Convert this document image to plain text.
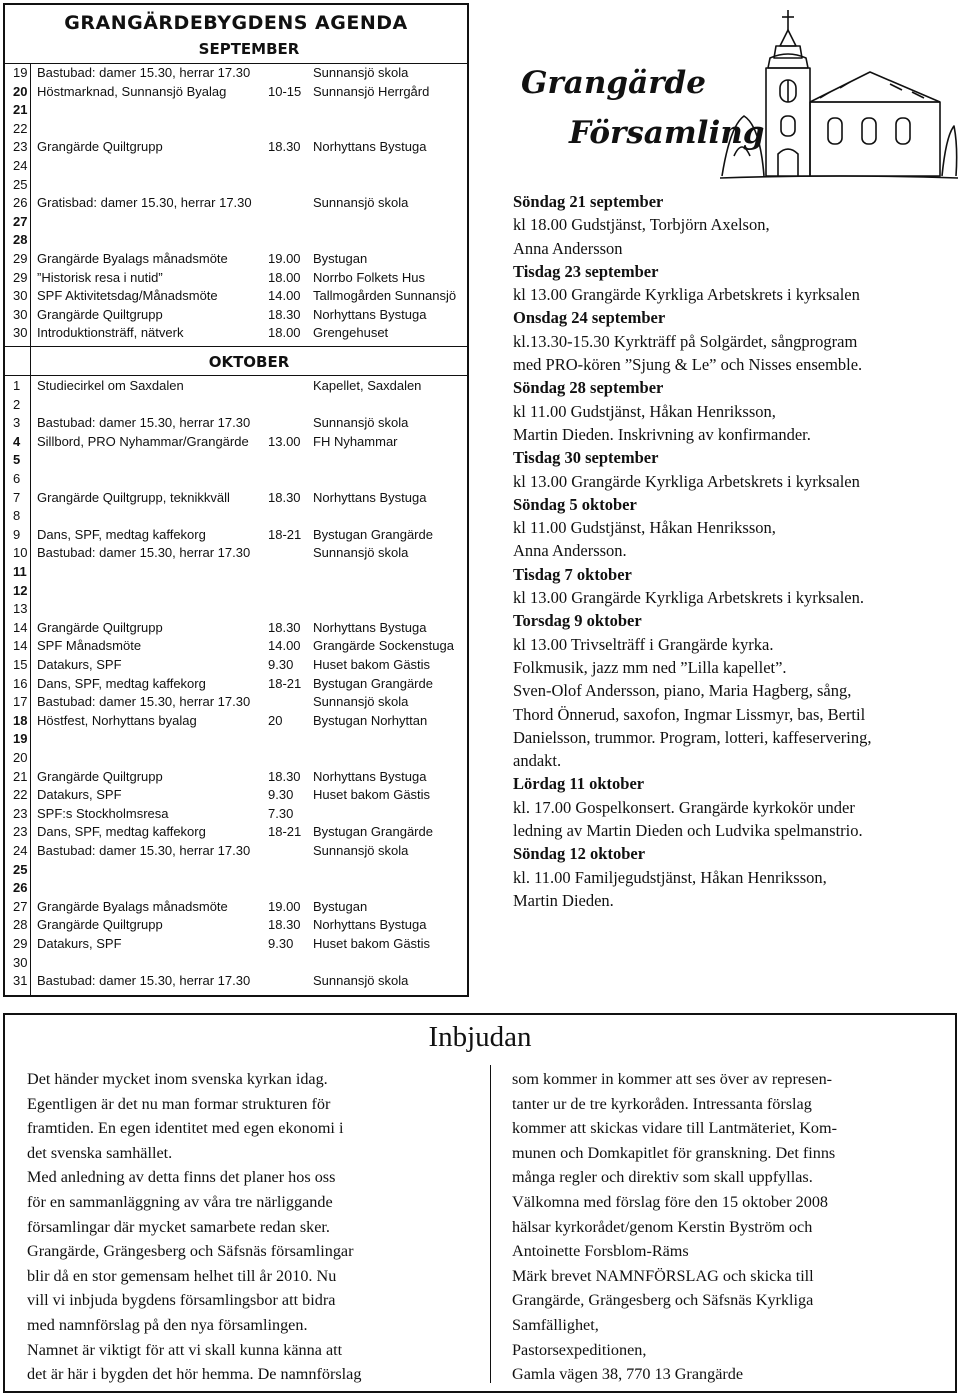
GRANGÄRDEBYGDENS AGENDA
SEPTEMBER
19 Bastubad: damer 15.30, herrar 17.30	Sunnansjö skola
20 Höstmarknad, Sunnansjö Byalag	10-15 Sunnansjö Herrgård
21
22
23 Grangärde Quiltgrupp	18.30 Norhyttans Bystuga
24
25
26 Gratisbad: damer 15.30, herrar 17.30	Sunnansjö skola
27
28
29 Grangärde Byalags månadsmöte	19.00 Bystugan
29 ”Historisk resa i nutid”	18.00 Norrbo Folkets Hus
30 SPF Aktivitetsdag/Månadsmöte	14.00 Tallmogården Sunnansjö
30 Grangärde Quiltgrupp	18.30 Norhyttans Bystuga
30 Introduktionsträff, nätverk	18.00 Grengehuset
OKTOBER
1 Studiecirkel om Saxdalen	Kapellet, Saxdalen
2
3 Bastubad: damer 15.30, herrar 17.30	Sunnansjö skola
4 Sillbord, PRO Nyhammar/Grangärde 13.00 FH Nyhammar
5
6
7 Grangärde Quiltgrupp, teknikkväll	18.30 Norhyttans Bystuga
8
9 Dans, SPF, medtag kaffekorg	18-21 Bystugan Grangärde
10 Bastubad: damer 15.30, herrar 17.30	Sunnansjö skola
11
12
13
14 Grangärde Quiltgrupp	18.30 Norhyttans Bystuga
14 SPF Månadsmöte	14.00 Grangärde Sockenstuga
15 Datakurs, SPF	9.30 Huset bakom Gästis
16 Dans, SPF, medtag kaffekorg	18-21 Bystugan Grangärde
17 Bastubad: damer 15.30, herrar 17.30	Sunnansjö skola
18 Höstfest, Norhyttans byalag	20 Bystugan Norhyttan
19
20
21 Grangärde Quiltgrupp	18.30 Norhyttans Bystuga
22 Datakurs, SPF	9.30 Huset bakom Gästis
23 SPF:s Stockholmsresa	7.30
23 Dans, SPF, medtag kaffekorg	18-21 Bystugan Grangärde
24 Bastubad: damer 15.30, herrar 17.30	Sunnansjö skola
25
26
27 Grangärde Byalags månadsmöte	19.00 Bystugan
28 Grangärde Quiltgrupp	18.30 Norhyttans Bystuga
29 Datakurs, SPF	9.30 Huset bakom Gästis
30
31 Bastubad: damer 15.30, herrar 17.30	Sunnansjö skola
Grangärde
Församling
Söndag 21 september
kl 18.00 Gudstjänst, Torbjörn Axelson,
Anna Andersson
Tisdag 23 september
kl 13.00 Grangärde Kyrkliga Arbetskrets i kyrksalen
Onsdag 24 september
kl.13.30-15.30 Kyrkträff på Solgärdet, sångprogram
med PRO-kören ”Sjung & Le” och Nisses ensemble.
Söndag 28 september
kl 11.00 Gudstjänst, Håkan Henriksson,
Martin Dieden. Inskrivning av konfirmander.
Tisdag 30 september
kl 13.00 Grangärde Kyrkliga Arbetskrets i kyrksalen
Söndag 5 oktober
kl 11.00 Gudstjänst, Håkan Henriksson,
Anna Andersson.
Tisdag 7 oktober
kl 13.00 Grangärde Kyrkliga Arbetskrets i kyrksalen.
Torsdag 9 oktober
kl 13.00 Trivselträff i Grangärde kyrka.
Folkmusik, jazz mm ned ”Lilla kapellet”.
Sven-Olof Andersson, piano, Maria Hagberg, sång,
Thord Önnerud, saxofon, Ingmar Lissmyr, bas, Bertil
Danielsson, trummor. Program, lotteri, kaffeservering,
andakt.
Lördag 11 oktober
kl. 17.00 Gospelkonsert. Grangärde kyrkokör under
ledning av Martin Dieden och Ludvika spelmanstrio.
Söndag 12 oktober
kl. 11.00 Familjegudstjänst, Håkan Henriksson,
Martin Dieden.
Inbjudan

Det händer mycket inom svenska kyrkan idag.

Egentligen är det nu man formar strukturen för

framtiden. En egen identitet med egen ekonomi i

det svenska samhället.

Med anledning av detta finns det planer hos oss

för en sammanläggning av våra tre närliggande

församlingar där mycket samarbete redan sker.

Grangärde, Grängesberg och Säfsnäs församlingar

blir då en stor gemensam helhet till år 2010. Nu

vill vi inbjuda bygdens församlingsbor att bidra

med namnförslag på den nya församlingen.

Namnet är viktigt för att vi skall kunna känna att

det är här i bygden det hör hemma. De namnförslag

som kommer in kommer att ses över av represen-

tanter ur de tre kyrkoråden. Intressanta förslag

kommer att skickas vidare till Lantmäteriet, Kom-

munen och Domkapitlet för granskning. Det finns

många regler och direktiv som skall uppfyllas.

Välkomna med förslag före den 15 oktober 2008

hälsar kyrkorådet/genom Kerstin Byström och

Antoinette Forsblom-Räms

Märk brevet NAMNFÖRSLAG och skicka till

Grangärde, Grängesberg och Säfsnäs Kyrkliga

Samfällighet,

Pastorsexpeditionen,

Gamla vägen 38, 770 13 Grangärde
